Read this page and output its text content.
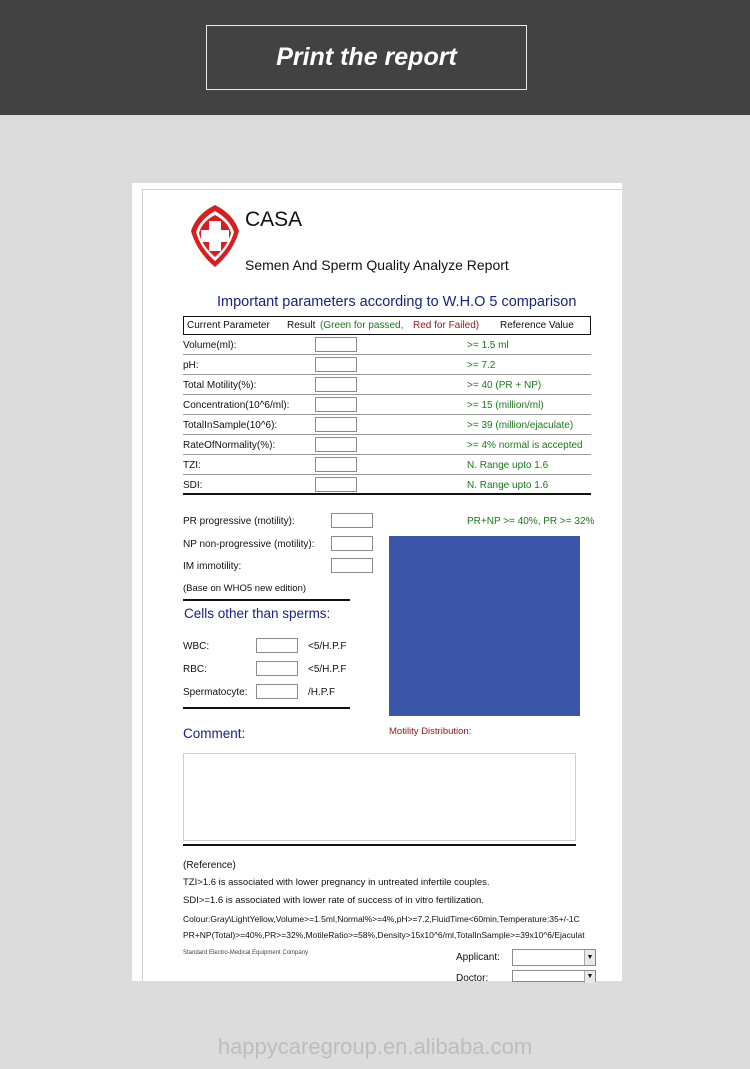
Print the report
CASA
Semen And Sperm Quality Analyze Report
Important parameters according to W.H.O 5 comparison
Current Parameter Result (Green for passed, Red for Failed) Reference Value
Volume(ml):	>= 1.5 ml
pH:	>= 7.2
Total Motility(%):	>= 40 (PR + NP)
Concentration(10^6/ml):	>= 15 (million/ml)
TotalInSample(10^6):	>= 39 (million/ejaculate)
RateOfNormality(%):	>= 4% normal is accepted
TZI:	N. Range upto 1.6
SDI:	N. Range upto 1.6
PR progressive (motility):
NP non-progressive (motility):
IM immotility:
PR+NP >= 40%, PR >= 32%
(Base on WHO5 new edition)
Cells other than sperms:
WBC:	<5/H.P.F
RBC:	<5/H.P.F
Spermatocyte:	/H.P.F
Motility Distribution:
Comment:
(Reference)
TZI>1.6 is associated with lower pregnancy in untreated infertile couples.
SDI>=1.6 is associated with lower rate of success of in vitro fertilization.
Colour:Gray\LightYellow,Volume>=1.5ml,Normal%>=4%,pH>=7.2,FluidTime<60min,Temperature:35+/-1C
PR+NP(Total)>=40%,PR>=32%,MotileRatio>=58%,Density>15x10^6/ml,TotalInSample>=39x10^6/Ejaculat
Standard Electro-Medical Equipment Company	Applicant:	▼
Doctor:	▼
happycaregroup.en.alibaba.com
